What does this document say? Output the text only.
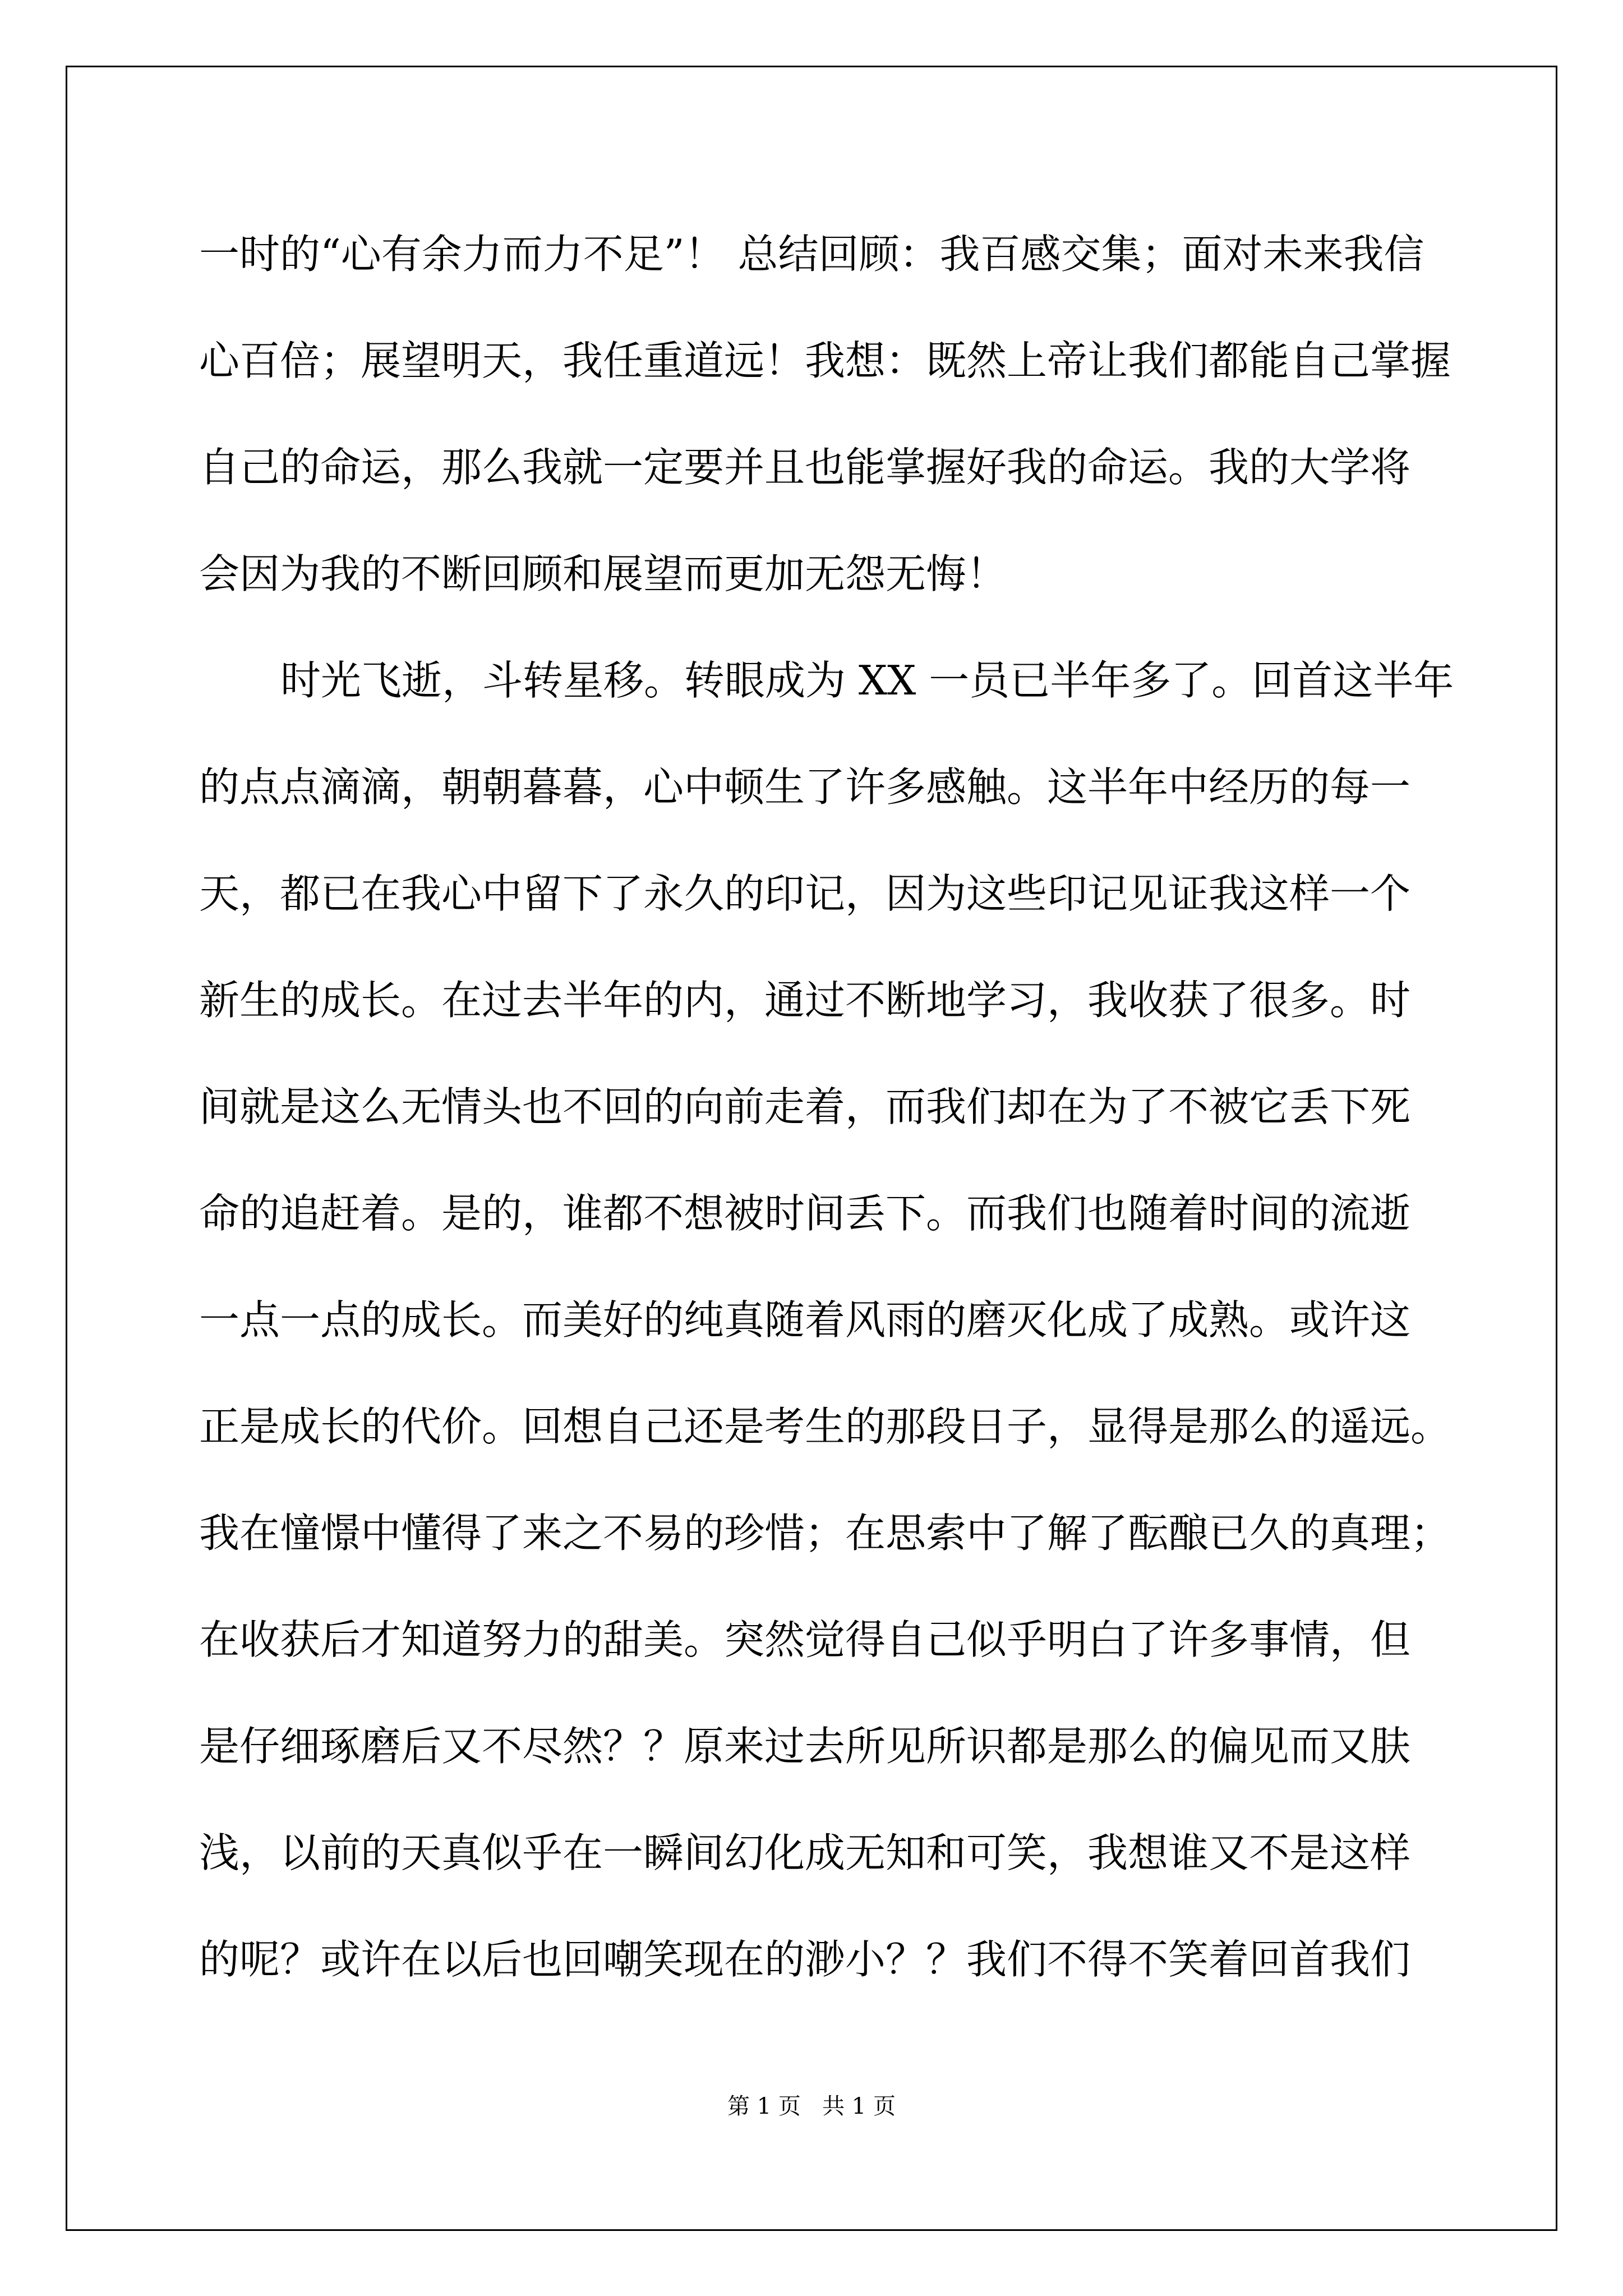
一时的“心有余力而力不足”！ 总结回顾：我百感交集；面对未来我信
心百倍；展望明天，我任重道远！我想：既然上帝让我们都能自己掌握
自己的命运，那么我就一定要并且也能掌握好我的命运。我的大学将
会因为我的不断回顾和展望而更加无怨无悔！
时光飞逝，斗转星移。转眼成为 XX 一员已半年多了。回首这半年
的点点滴滴，朝朝暮暮，心中顿生了许多感触。这半年中经历的每一
天，都已在我心中留下了永久的印记，因为这些印记见证我这样一个
新生的成长。在过去半年的内，通过不断地学习，我收获了很多。时
间就是这么无情头也不回的向前走着，而我们却在为了不被它丢下死
命的追赶着。是的，谁都不想被时间丢下。而我们也随着时间的流逝
一点一点的成长。而美好的纯真随着风雨的磨灭化成了成熟。或许这
正是成长的代价。回想自己还是考生的那段日子，显得是那么的遥远。
我在憧憬中懂得了来之不易的珍惜；在思索中了解了酝酿已久的真理；
在收获后才知道努力的甜美。突然觉得自己似乎明白了许多事情，但
是仔细琢磨后又不尽然？？原来过去所见所识都是那么的偏见而又肤
浅，以前的天真似乎在一瞬间幻化成无知和可笑，我想谁又不是这样
的呢？或许在以后也回嘲笑现在的渺小？？我们不得不笑着回首我们
第 1 页   共 1 页
